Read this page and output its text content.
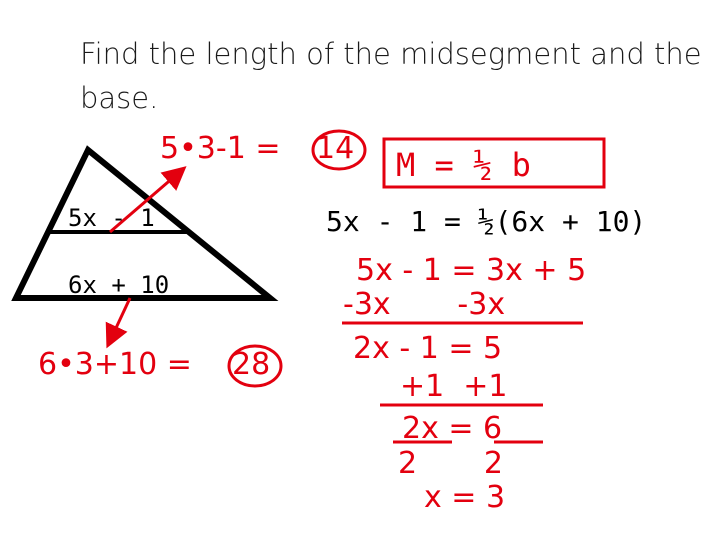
Find the length of the midsegment and the base.
5•3-1 = 14
5x - 1
6x + 10
6•3+10 = 28
M = ½ b
5x - 1 = ½(6x + 10)
5x - 1 = 3x + 5
-3x       -3x
2x - 1 = 5
+1  +1
2x = 6
2       2
x = 3
